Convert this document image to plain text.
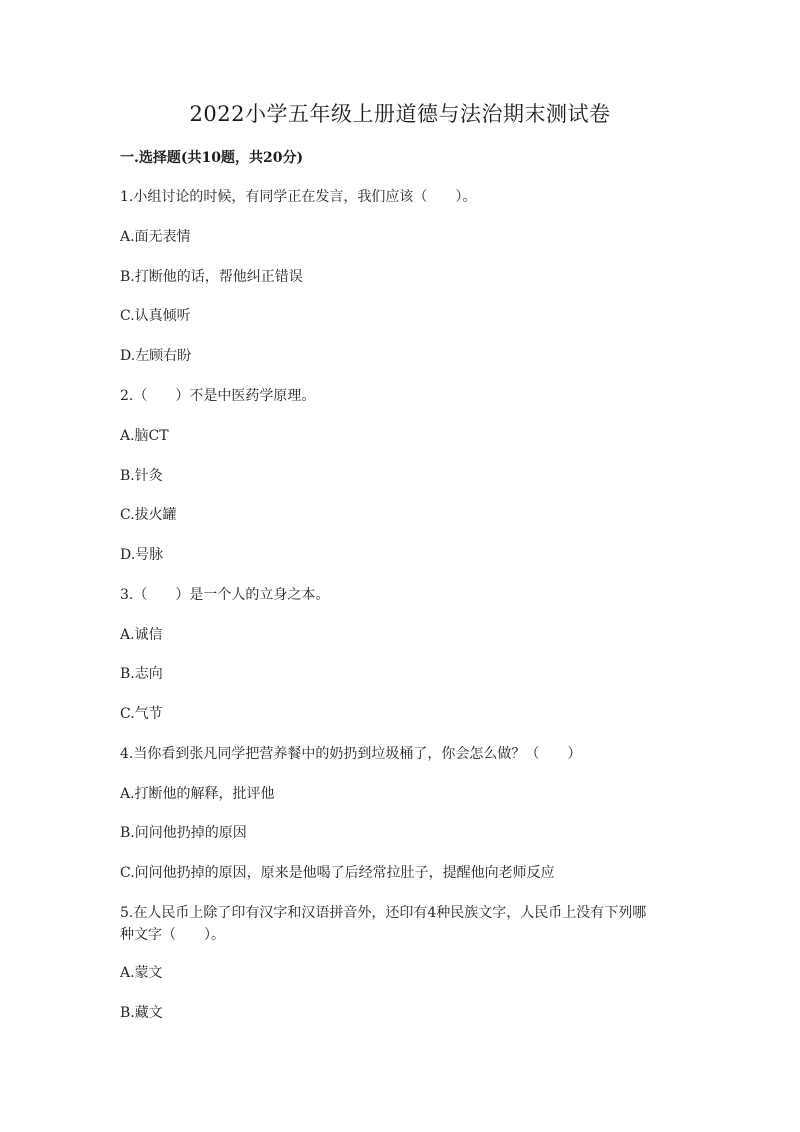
2022小学五年级上册道德与法治期末测试卷
一.选择题(共10题，共20分)
1.小组讨论的时候，有同学正在发言，我们应该（　　）。
A.面无表情
B.打断他的话，帮他纠正错误
C.认真倾听
D.左顾右盼
2.（　　）不是中医药学原理。
A.脑CT
B.针灸
C.拔火罐
D.号脉
3.（　　）是一个人的立身之本。
A.诚信
B.志向
C.气节
4.当你看到张凡同学把营养餐中的奶扔到垃圾桶了，你会怎么做？（　　）
A.打断他的解释，批评他
B.问问他扔掉的原因
C.问问他扔掉的原因，原来是他喝了后经常拉肚子，提醒他向老师反应
5.在人民币上除了印有汉字和汉语拼音外，还印有4种民族文字，人民币上没有下列哪种文字（　　）。
A.蒙文
B.藏文
